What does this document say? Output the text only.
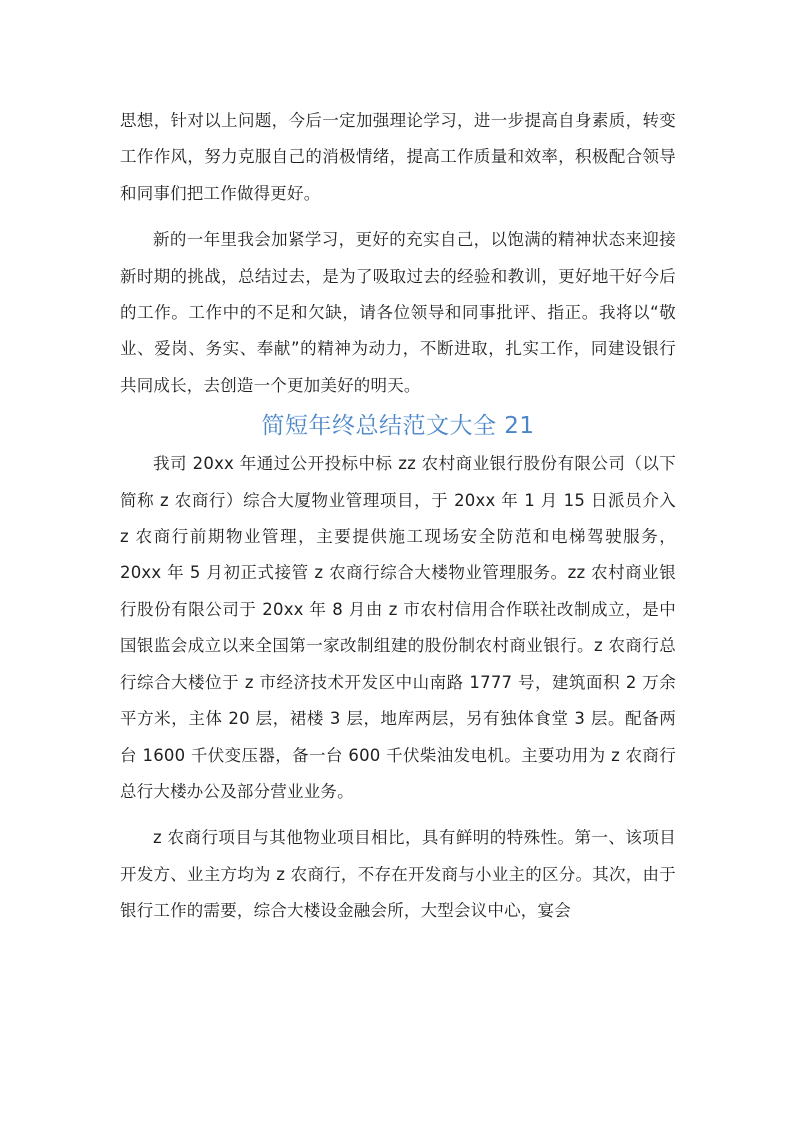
思想，针对以上问题，今后一定加强理论学习，进一步提高自身素质，转变工作作风，努力克服自己的消极情绪，提高工作质量和效率，积极配合领导和同事们把工作做得更好。

新的一年里我会加紧学习，更好的充实自己，以饱满的精神状态来迎接新时期的挑战，总结过去，是为了吸取过去的经验和教训，更好地干好今后的工作。工作中的不足和欠缺，请各位领导和同事批评、指正。我将以“敬业、爱岗、务实、奉献”的精神为动力，不断进取，扎实工作，同建设银行共同成长，去创造一个更加美好的明天。

简短年终总结范文大全 21

我司 20xx 年通过公开投标中标 zz 农村商业银行股份有限公司（以下简称 z 农商行）综合大厦物业管理项目，于 20xx 年 1 月 15 日派员介入 z 农商行前期物业管理，主要提供施工现场安全防范和电梯驾驶服务，20xx 年 5 月初正式接管 z 农商行综合大楼物业管理服务。zz 农村商业银行股份有限公司于 20xx 年 8 月由 z 市农村信用合作联社改制成立，是中国银监会成立以来全国第一家改制组建的股份制农村商业银行。z 农商行总行综合大楼位于 z 市经济技术开发区中山南路 1777 号，建筑面积 2 万余平方米，主体 20 层，裙楼 3 层，地库两层，另有独体食堂 3 层。配备两台 1600 千伏变压器，备一台 600 千伏柴油发电机。主要功用为 z 农商行总行大楼办公及部分营业业务。

z 农商行项目与其他物业项目相比，具有鲜明的特殊性。第一、该项目开发方、业主方均为 z 农商行，不存在开发商与小业主的区分。其次，由于银行工作的需要，综合大楼设金融会所，大型会议中心，宴会
